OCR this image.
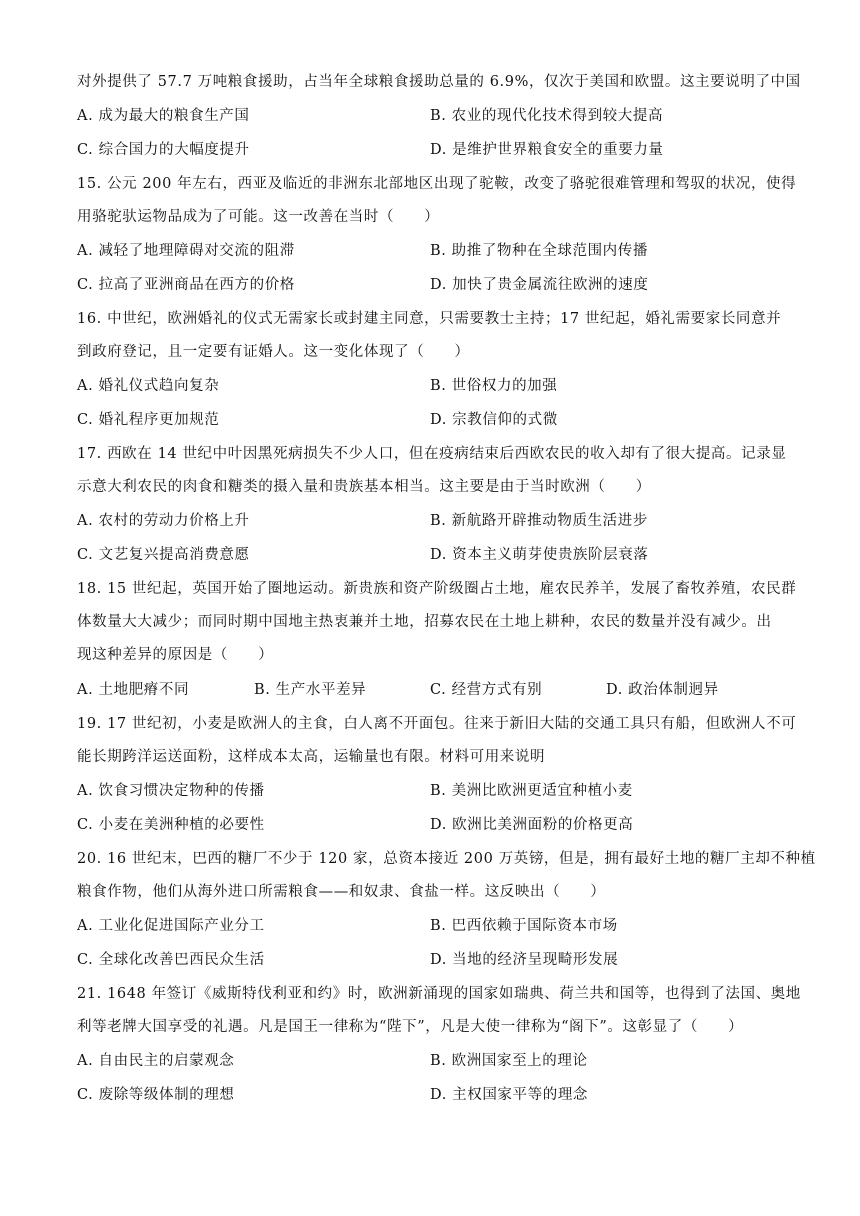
对外提供了 57.7 万吨粮食援助，占当年全球粮食援助总量的 6.9%，仅次于美国和欧盟。这主要说明了中国
A. 成为最大的粮食生产国	B. 农业的现代化技术得到较大提高
C. 综合国力的大幅度提升	D. 是维护世界粮食安全的重要力量
15. 公元 200 年左右，西亚及临近的非洲东北部地区出现了驼鞍，改变了骆驼很难管理和驾驭的状况，使得
用骆驼驮运物品成为了可能。这一改善在当时（　　）
A. 减轻了地理障碍对交流的阻滞	B. 助推了物种在全球范围内传播
C. 拉高了亚洲商品在西方的价格	D. 加快了贵金属流往欧洲的速度
16. 中世纪，欧洲婚礼的仪式无需家长或封建主同意，只需要教士主持；17 世纪起，婚礼需要家长同意并
到政府登记，且一定要有证婚人。这一变化体现了（　　）
A. 婚礼仪式趋向复杂	B. 世俗权力的加强
C. 婚礼程序更加规范	D. 宗教信仰的式微
17. 西欧在 14 世纪中叶因黑死病损失不少人口，但在疫病结束后西欧农民的收入却有了很大提高。记录显
示意大利农民的肉食和糖类的摄入量和贵族基本相当。这主要是由于当时欧洲（　　）
A. 农村的劳动力价格上升	B. 新航路开辟推动物质生活进步
C. 文艺复兴提高消费意愿	D. 资本主义萌芽使贵族阶层衰落
18. 15 世纪起，英国开始了圈地运动。新贵族和资产阶级圈占土地，雇农民养羊，发展了畜牧养殖，农民群
体数量大大减少；而同时期中国地主热衷兼并土地，招募农民在土地上耕种，农民的数量并没有减少。出
现这种差异的原因是（　　）
A. 土地肥瘠不同	B. 生产水平差异	C. 经营方式有别	D. 政治体制迥异
19. 17 世纪初，小麦是欧洲人的主食，白人离不开面包。往来于新旧大陆的交通工具只有船，但欧洲人不可
能长期跨洋运送面粉，这样成本太高，运输量也有限。材料可用来说明
A. 饮食习惯决定物种的传播	B. 美洲比欧洲更适宜种植小麦
C. 小麦在美洲种植的必要性	D. 欧洲比美洲面粉的价格更高
20. 16 世纪末，巴西的糖厂不少于 120 家，总资本接近 200 万英镑，但是，拥有最好土地的糖厂主却不种植
粮食作物，他们从海外进口所需粮食——和奴隶、食盐一样。这反映出（　　）
A. 工业化促进国际产业分工	B. 巴西依赖于国际资本市场
C. 全球化改善巴西民众生活	D. 当地的经济呈现畸形发展
21. 1648 年签订《威斯特伐利亚和约》时，欧洲新涌现的国家如瑞典、荷兰共和国等，也得到了法国、奥地
利等老牌大国享受的礼遇。凡是国王一律称为“陛下”，凡是大使一律称为“阁下”。这彰显了（　　）
A. 自由民主的启蒙观念	B. 欧洲国家至上的理论
C. 废除等级体制的理想	D. 主权国家平等的理念
